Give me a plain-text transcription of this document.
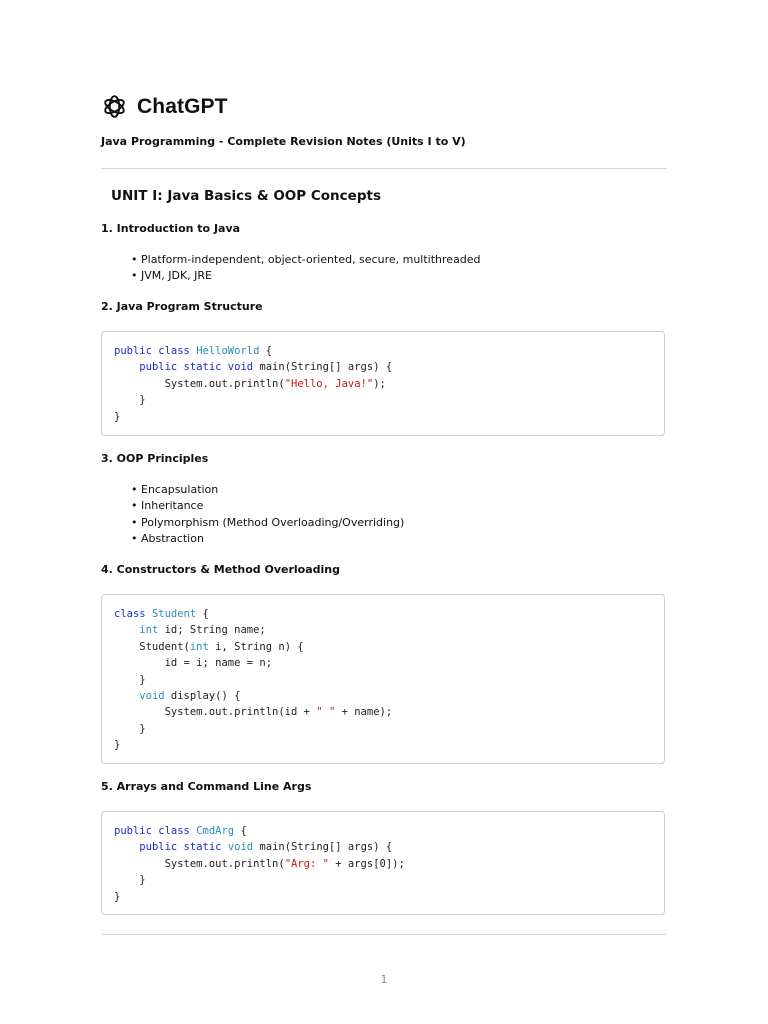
ChatGPT
Java Programming - Complete Revision Notes (Units I to V)
UNIT I: Java Basics & OOP Concepts
1. Introduction to Java
• Platform-independent, object-oriented, secure, multithreaded
• JVM, JDK, JRE
2. Java Program Structure
public class HelloWorld {
public static void main(String[] args) {
System.out.println("Hello, Java!");
}
}
3. OOP Principles
• Encapsulation
• Inheritance
• Polymorphism (Method Overloading/Overriding)
• Abstraction
4. Constructors & Method Overloading
class Student {
int id; String name;
Student(int i, String n) {
id = i; name = n;
}
void display() {
System.out.println(id + " " + name);
}
}
5. Arrays and Command Line Args
public class CmdArg {
public static void main(String[] args) {
System.out.println("Arg: " + args[0]);
}
}
1
